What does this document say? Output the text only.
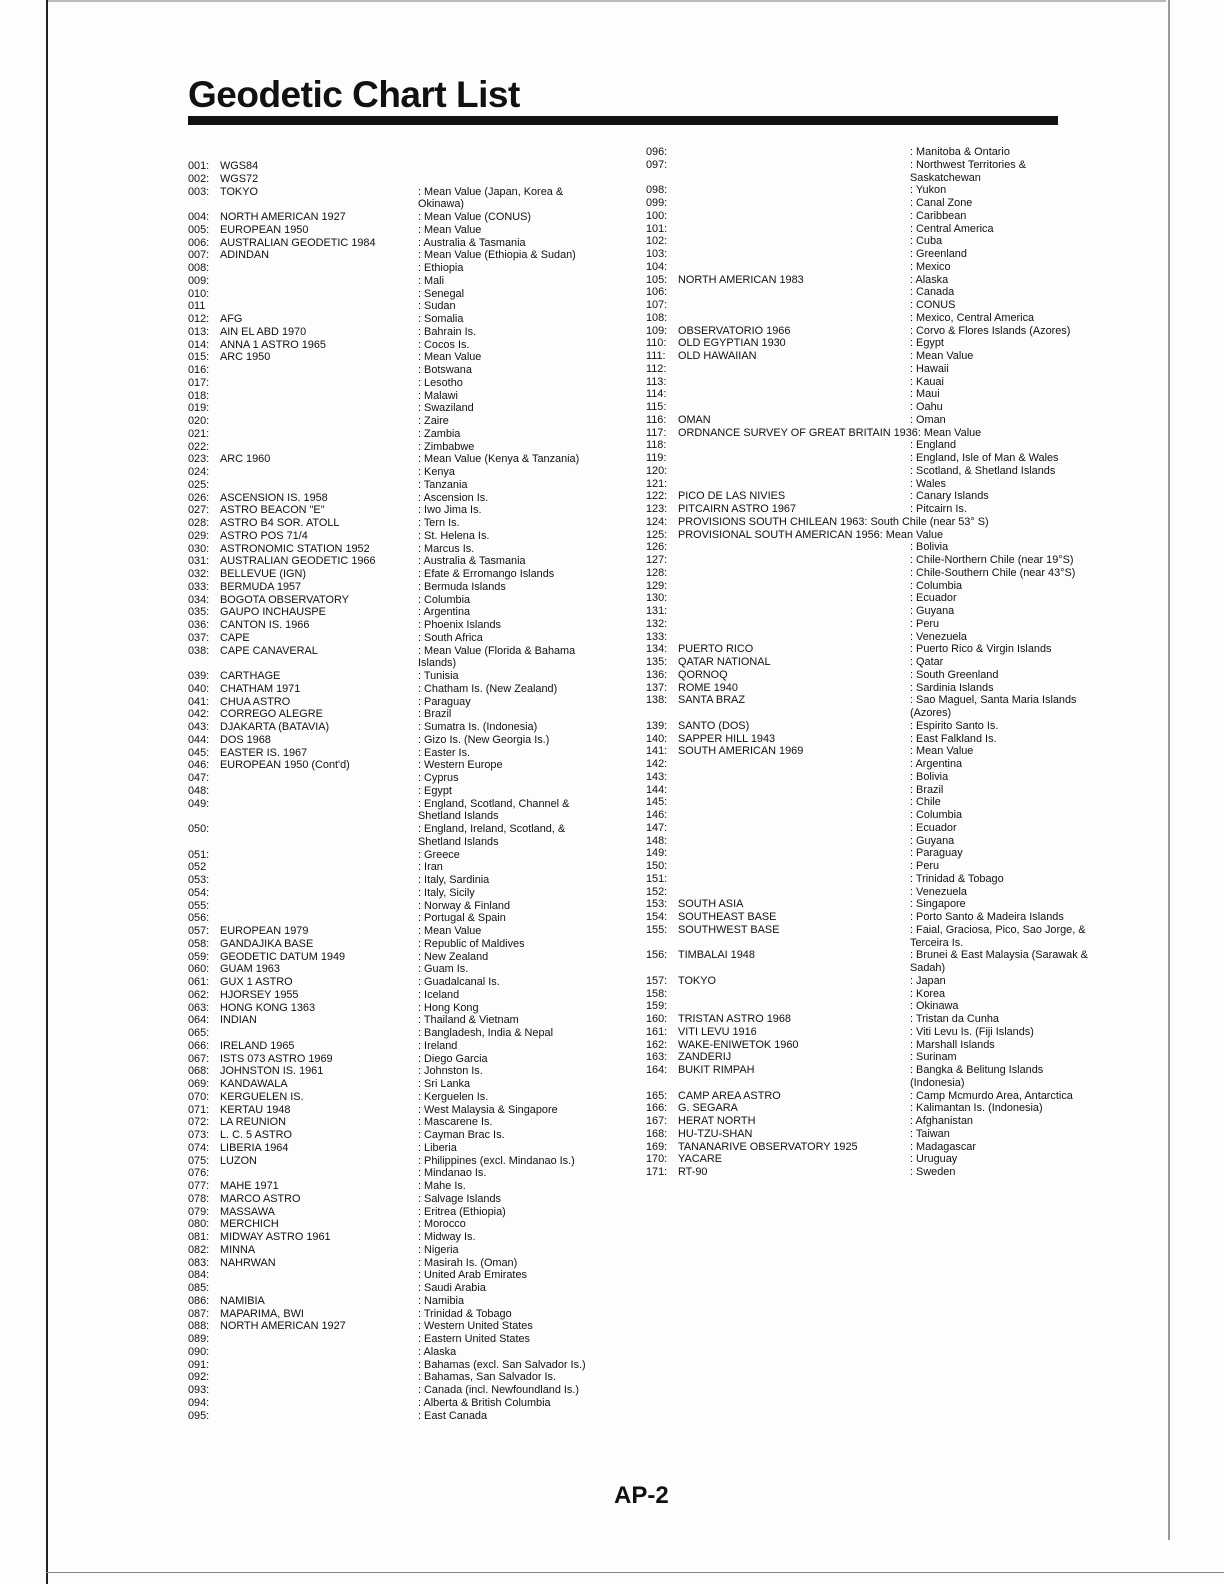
Geodetic Chart List
001: WGS84
002: WGS72
003: TOKYO	: Mean Value (Japan, Korea & Okinawa)
004: NORTH AMERICAN 1927	: Mean Value (CONUS)
005: EUROPEAN 1950	: Mean Value
006: AUSTRALIAN GEODETIC 1984	: Australia & Tasmania
007: ADINDAN	: Mean Value (Ethiopia & Sudan)
008:	: Ethiopia
009:	: Mali
010:	: Senegal
011	: Sudan
012: AFG	: Somalia
013: AIN EL ABD 1970	: Bahrain Is.
014: ANNA 1 ASTRO 1965	: Cocos Is.
015: ARC 1950	: Mean Value
016:	: Botswana
017:	: Lesotho
018:	: Malawi
019:	: Swaziland
020:	: Zaire
021:	: Zambia
022:	: Zimbabwe
023: ARC 1960	: Mean Value (Kenya & Tanzania)
024:	: Kenya
025:	: Tanzania
026: ASCENSION IS. 1958	: Ascension Is.
027: ASTRO BEACON "E"	: Iwo Jima Is.
028: ASTRO B4 SOR. ATOLL	: Tern Is.
029: ASTRO POS 71/4	: St. Helena Is.
030: ASTRONOMIC STATION 1952	: Marcus Is.
031: AUSTRALIAN GEODETIC 1966	: Australia & Tasmania
032: BELLEVUE (IGN)	: Efate & Erromango Islands
033: BERMUDA 1957	: Bermuda Islands
034: BOGOTA OBSERVATORY	: Columbia
035: GAUPO INCHAUSPE	: Argentina
036: CANTON IS. 1966	: Phoenix Islands
037: CAPE	: South Africa
038: CAPE CANAVERAL	: Mean Value (Florida & Bahama Islands)
039: CARTHAGE	: Tunisia
040: CHATHAM 1971	: Chatham Is. (New Zealand)
041: CHUA ASTRO	: Paraguay
042: CORREGO ALEGRE	: Brazil
043: DJAKARTA (BATAVIA)	: Sumatra Is. (Indonesia)
044: DOS 1968	: Gizo Is. (New Georgia Is.)
045: EASTER IS. 1967	: Easter Is.
046: EUROPEAN 1950 (Cont'd)	: Western Europe
047:	: Cyprus
048:	: Egypt
049:	: England, Scotland, Channel & Shetland Islands
050:	: England, Ireland, Scotland, & Shetland Islands
051:	: Greece
052	: Iran
053:	: Italy, Sardinia
054:	: Italy, Sicily
055:	: Norway & Finland
056:	: Portugal & Spain
057: EUROPEAN 1979	: Mean Value
058: GANDAJIKA BASE	: Republic of Maldives
059: GEODETIC DATUM 1949	: New Zealand
060: GUAM 1963	: Guam Is.
061: GUX 1 ASTRO	: Guadalcanal Is.
062: HJORSEY 1955	: Iceland
063: HONG KONG 1363	: Hong Kong
064: INDIAN	: Thailand & Vietnam
065:	: Bangladesh, India & Nepal
066: IRELAND 1965	: Ireland
067: ISTS 073 ASTRO 1969	: Diego Garcia
068: JOHNSTON IS. 1961	: Johnston Is.
069: KANDAWALA	: Sri Lanka
070: KERGUELEN IS.	: Kerguelen Is.
071: KERTAU 1948	: West Malaysia & Singapore
072: LA REUNION	: Mascarene Is.
073: L. C. 5 ASTRO	: Cayman Brac Is.
074: LIBERIA 1964	: Liberia
075: LUZON	: Philippines (excl. Mindanao Is.)
076:	: Mindanao Is.
077: MAHE 1971	: Mahe Is.
078: MARCO ASTRO	: Salvage Islands
079: MASSAWA	: Eritrea (Ethiopia)
080: MERCHICH	: Morocco
081: MIDWAY ASTRO 1961	: Midway Is.
082: MINNA	: Nigeria
083: NAHRWAN	: Masirah Is. (Oman)
084:	: United Arab Emirates
085:	: Saudi Arabia
086: NAMIBIA	: Namibia
087: MAPARIMA, BWI	: Trinidad & Tobago
088: NORTH AMERICAN 1927	: Western United States
089:	: Eastern United States
090:	: Alaska
091:	: Bahamas (excl. San Salvador Is.)
092:	: Bahamas, San Salvador Is.
093:	: Canada (incl. Newfoundland Is.)
094:	: Alberta & British Columbia
095:	: East Canada
096:	: Manitoba & Ontario
097:	: Northwest Territories & Saskatchewan
098:	: Yukon
099:	: Canal Zone
100:	: Caribbean
101:	: Central America
102:	: Cuba
103:	: Greenland
104:	: Mexico
105: NORTH AMERICAN 1983	: Alaska
106:	: Canada
107:	: CONUS
108:	: Mexico, Central America
109: OBSERVATORIO 1966	: Corvo & Flores Islands (Azores)
110: OLD EGYPTIAN 1930	: Egypt
111: OLD HAWAIIAN	: Mean Value
112:	: Hawaii
113:	: Kauai
114:	: Maui
115:	: Oahu
116: OMAN	: Oman
117: ORDNANCE SURVEY OF GREAT BRITAIN 1936: Mean Value
118:	: England
119:	: England, Isle of Man & Wales
120:	: Scotland, & Shetland Islands
121:	: Wales
122: PICO DE LAS NIVIES	: Canary Islands
123: PITCAIRN ASTRO 1967	: Pitcairn Is.
124: PROVISIONS SOUTH CHILEAN 1963: South Chile (near 53° S)
125: PROVISIONAL SOUTH AMERICAN 1956: Mean Value
126:	: Bolivia
127:	: Chile-Northern Chile (near 19°S)
128:	: Chile-Southern Chile (near 43°S)
129:	: Columbia
130:	: Ecuador
131:	: Guyana
132:	: Peru
133:	: Venezuela
134: PUERTO RICO	: Puerto Rico & Virgin Islands
135: QATAR NATIONAL	: Qatar
136: QORNOQ	: South Greenland
137: ROME 1940	: Sardinia Islands
138: SANTA BRAZ	: Sao Maguel, Santa Maria Islands (Azores)
139: SANTO (DOS)	: Espirito Santo Is.
140: SAPPER HILL 1943	: East Falkland Is.
141: SOUTH AMERICAN 1969	: Mean Value
142:	: Argentina
143:	: Bolivia
144:	: Brazil
145:	: Chile
146:	: Columbia
147:	: Ecuador
148:	: Guyana
149:	: Paraguay
150:	: Peru
151:	: Trinidad & Tobago
152:	: Venezuela
153: SOUTH ASIA	: Singapore
154: SOUTHEAST BASE	: Porto Santo & Madeira Islands
155: SOUTHWEST BASE	: Faial, Graciosa, Pico, Sao Jorge, & Terceira Is.
156: TIMBALAI 1948	: Brunei & East Malaysia (Sarawak & Sadah)
157: TOKYO	: Japan
158:	: Korea
159:	: Okinawa
160: TRISTAN ASTRO 1968	: Tristan da Cunha
161: VITI LEVU 1916	: Viti Levu Is. (Fiji Islands)
162: WAKE-ENIWETOK 1960	: Marshall Islands
163: ZANDERIJ	: Surinam
164: BUKIT RIMPAH	: Bangka & Belitung Islands (Indonesia)
165: CAMP AREA ASTRO	: Camp Mcmurdo Area, Antarctica
166: G. SEGARA	: Kalimantan Is. (Indonesia)
167: HERAT NORTH	: Afghanistan
168: HU-TZU-SHAN	: Taiwan
169: TANANARIVE OBSERVATORY 1925	: Madagascar
170: YACARE	: Uruguay
171: RT-90	: Sweden
AP-2
